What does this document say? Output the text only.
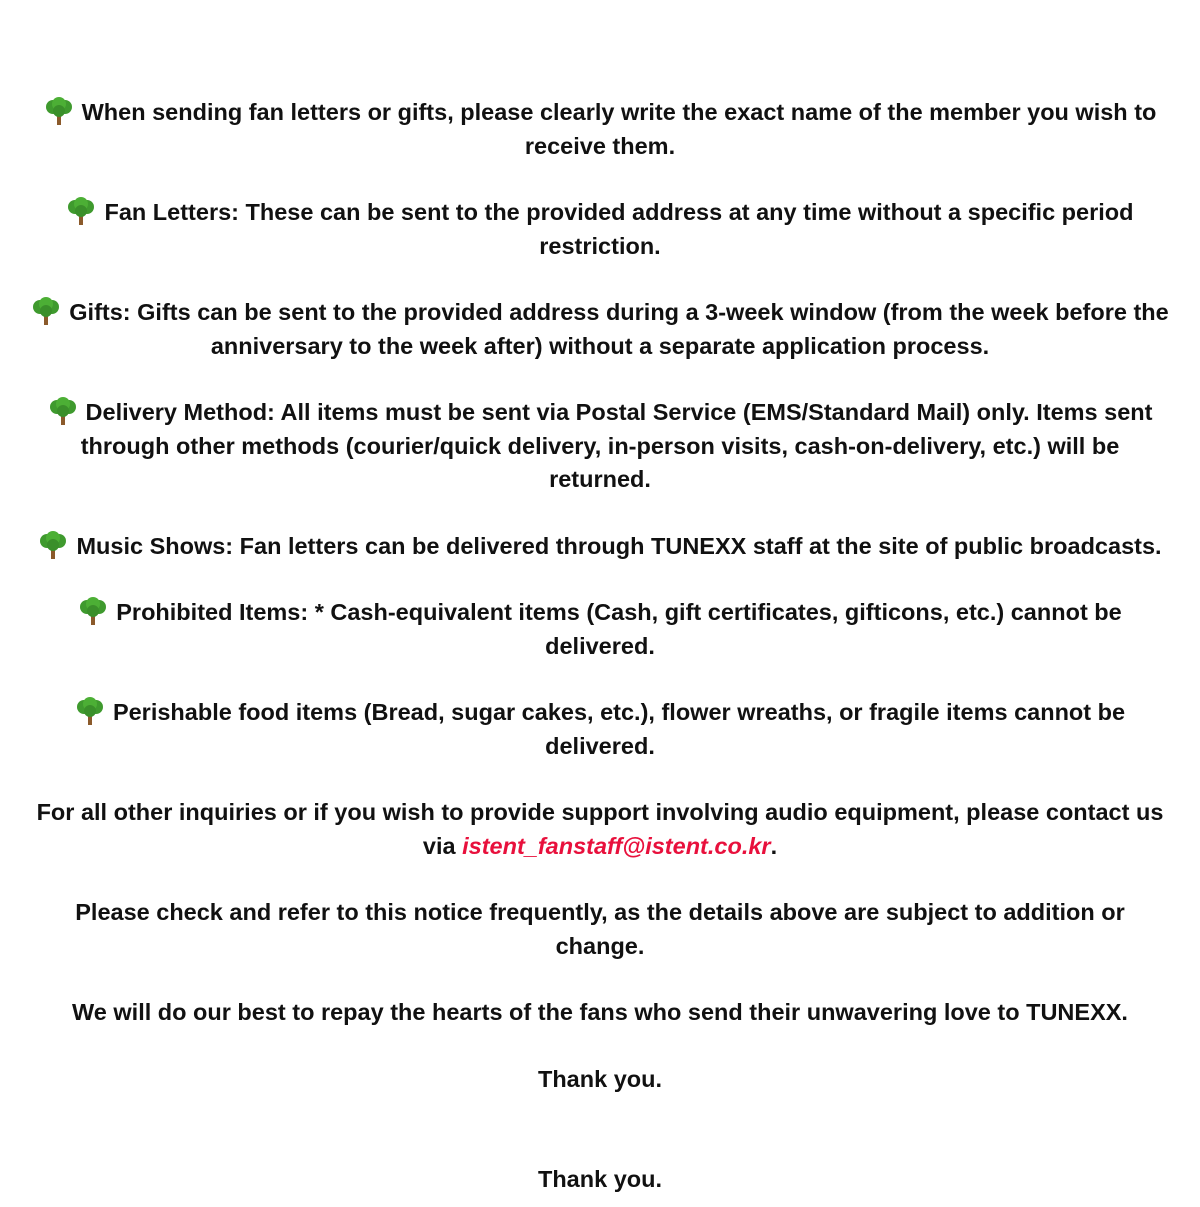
When sending fan letters or gifts, please clearly write the exact name of the member you wish to receive them.

Fan Letters: These can be sent to the provided address at any time without a specific period restriction.

Gifts: Gifts can be sent to the provided address during a 3-week window (from the week before the anniversary to the week after) without a separate application process.

Delivery Method: All items must be sent via Postal Service (EMS/Standard Mail) only. Items sent through other methods (courier/quick delivery, in-person visits, cash-on-delivery, etc.) will be returned.

Music Shows: Fan letters can be delivered through TUNEXX staff at the site of public broadcasts.

Prohibited Items: * Cash-equivalent items (Cash, gift certificates, gifticons, etc.) cannot be delivered.

Perishable food items (Bread, sugar cakes, etc.), flower wreaths, or fragile items cannot be delivered.

For all other inquiries or if you wish to provide support involving audio equipment, please contact us via istent_fanstaff@istent.co.kr.

Please check and refer to this notice frequently, as the details above are subject to addition or change.

We will do our best to repay the hearts of the fans who send their unwavering love to TUNEXX.

Thank you.

Thank you.
